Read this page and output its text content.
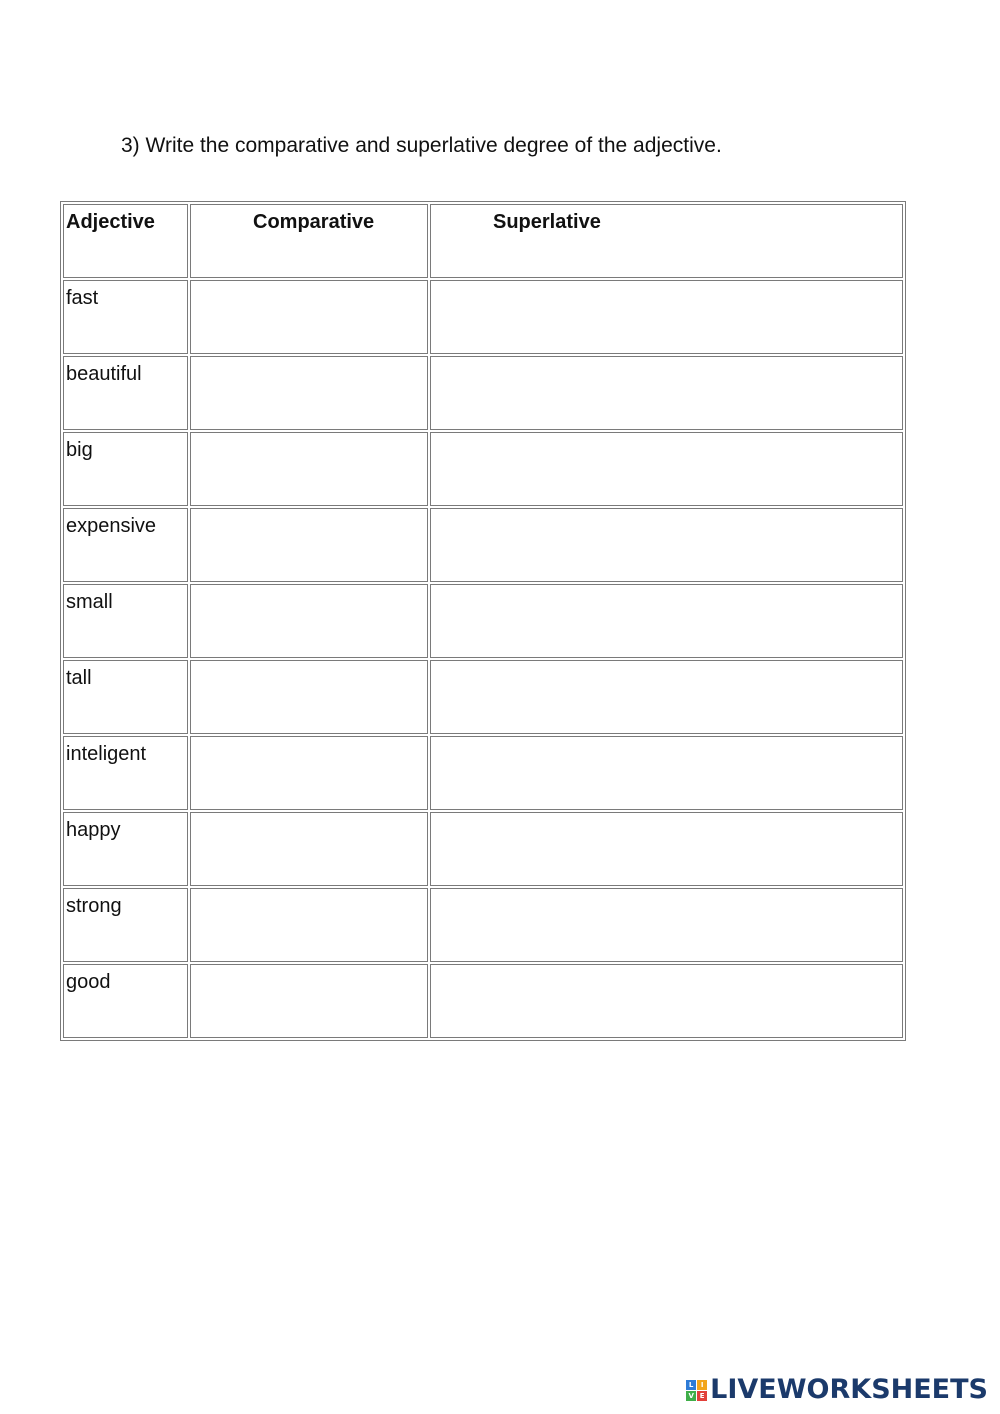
3) Write the comparative and superlative degree of the adjective.
Adjective	Comparative	Superlative

fast

beautiful

big

expensive

small

tall

inteligent

happy

strong

good

L	I
V E LIVEWORKSHEETS
